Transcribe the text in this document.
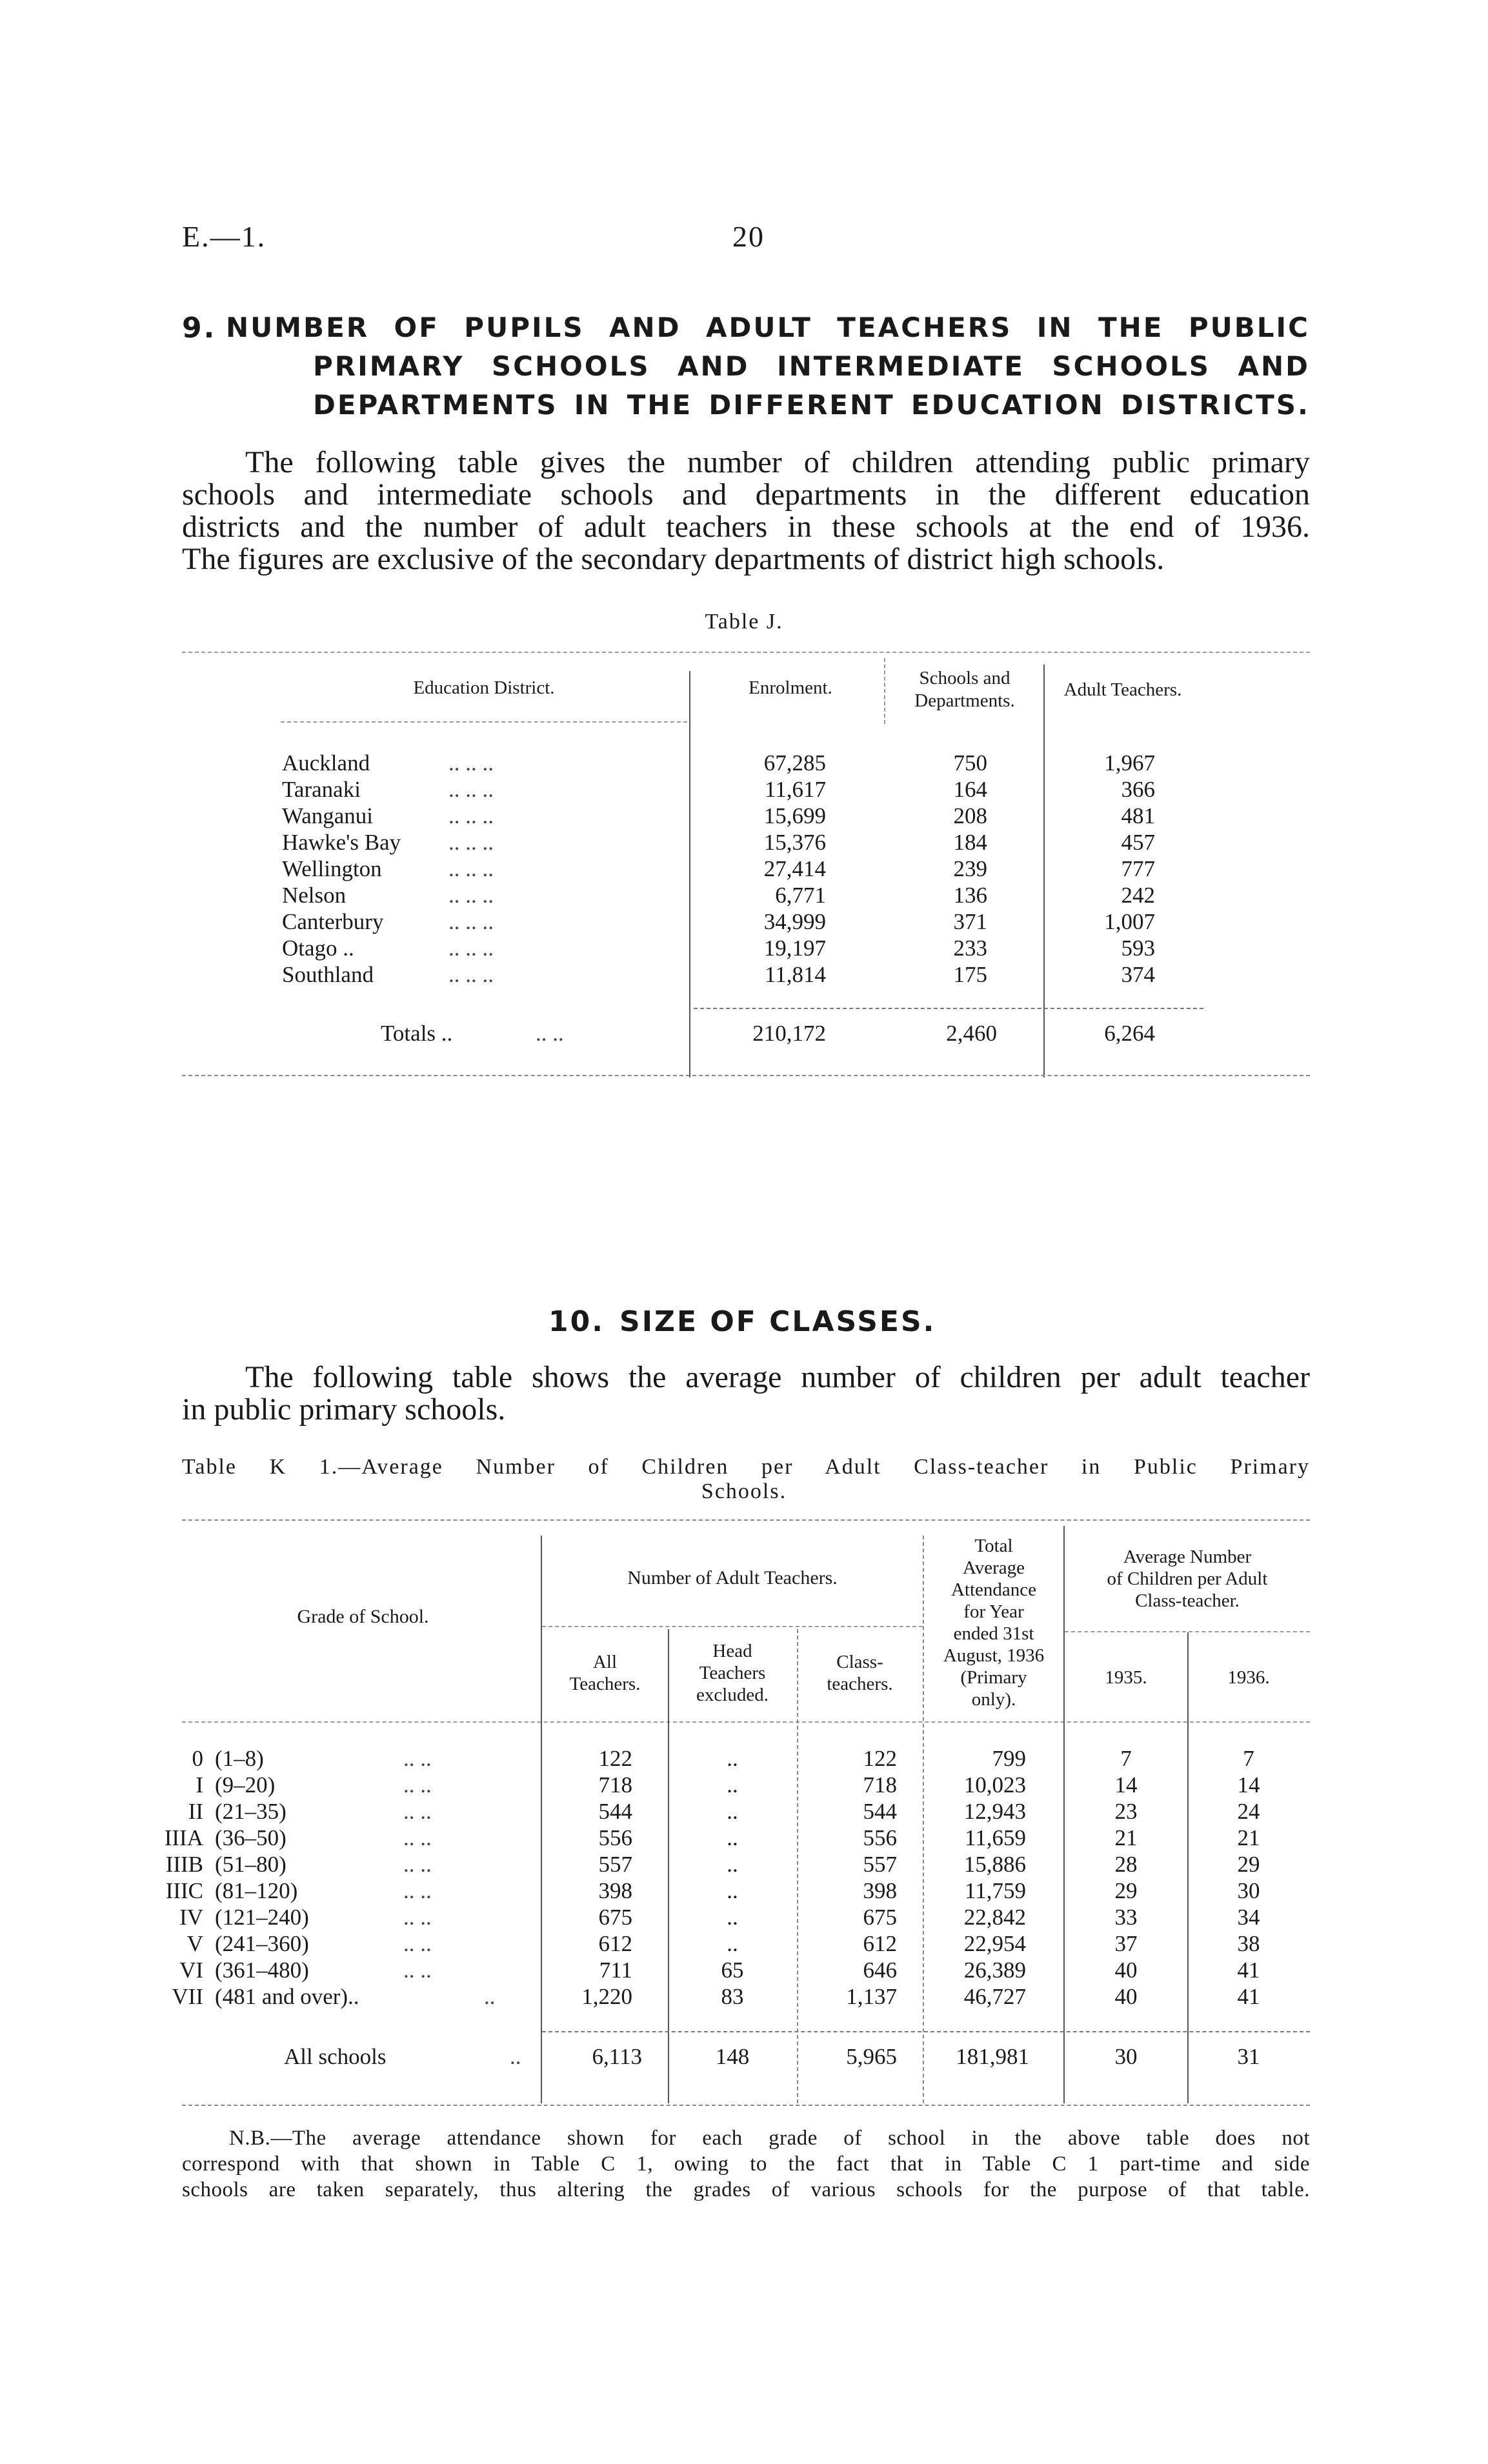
E.—1.	20
9. NUMBER OF PUPILS AND ADULT TEACHERS IN THE PUBLIC
PRIMARY SCHOOLS AND INTERMEDIATE SCHOOLS AND
DEPARTMENTS IN THE DIFFERENT EDUCATION DISTRICTS.
The following table gives the number of children attending public primary
schools and intermediate schools and departments in the different education
districts and the number of adult teachers in these schools at the end of 1936.
The figures are exclusive of the secondary departments of district high schools.
Table J.
Education District.	Enrolment.	Schools and
Departments.
Adult Teachers.
Auckland	.. .. ..	67,285	750	1,967
Taranaki	.. .. ..	11,617	164	366
Wanganui	.. .. ..	15,699	208	481
Hawke's Bay .. .. ..	15,376	184	457
Wellington	.. .. ..	27,414	239	777
Nelson	.. .. ..	6,771	136	242
Canterbury	.. .. ..	34,999	371	1,007
Otago ..	.. .. ..	19,197	233	593
Southland	.. .. ..	11,814	175	374
Totals ..	.. ..	210,172	2,460	6,264
10. SIZE OF CLASSES.
The following table shows the average number of children per adult teacher
in public primary schools.
Table K 1.—Average Number of Children per Adult Class-teacher in Public Primary
Schools.
Grade of School.
Number of Adult Teachers.
All
Teachers.
Head
Teachers
excluded.
Class-
teachers.
Total
Average
Attendance
for Year
ended 31st
August, 1936
(Primary
only).
Average Number
of Children per Adult
Class-teacher.
1935.	1936.
0 (1–8)	.. ..	122	..	122	799	7	7
I (9–20)	.. ..	718	..	718	10,023	14	14
II (21–35)	.. ..	544	..	544	12,943	23	24
IIIA (36–50)	.. ..	556	..	556	11,659	21	21
IIIB (51–80)	.. ..	557	..	557	15,886	28	29
IIIC (81–120)	.. ..	398	..	398	11,759	29	30
IV (121–240)	.. ..	675	..	675	22,842	33	34
V (241–360)	.. ..	612	..	612	22,954	37	38
VI (361–480)	.. ..	711	65	646	26,389	40	41
VII (481 and over)..	..	1,220	83	1,137	46,727	40	41
All schools	..	6,113	148	5,965	181,981	30	31
N.B.—The average attendance shown for each grade of school in the above table does not
correspond with that shown in Table C 1, owing to the fact that in Table C 1 part-time and side
schools are taken separately, thus altering the grades of various schools for the purpose of that table.
